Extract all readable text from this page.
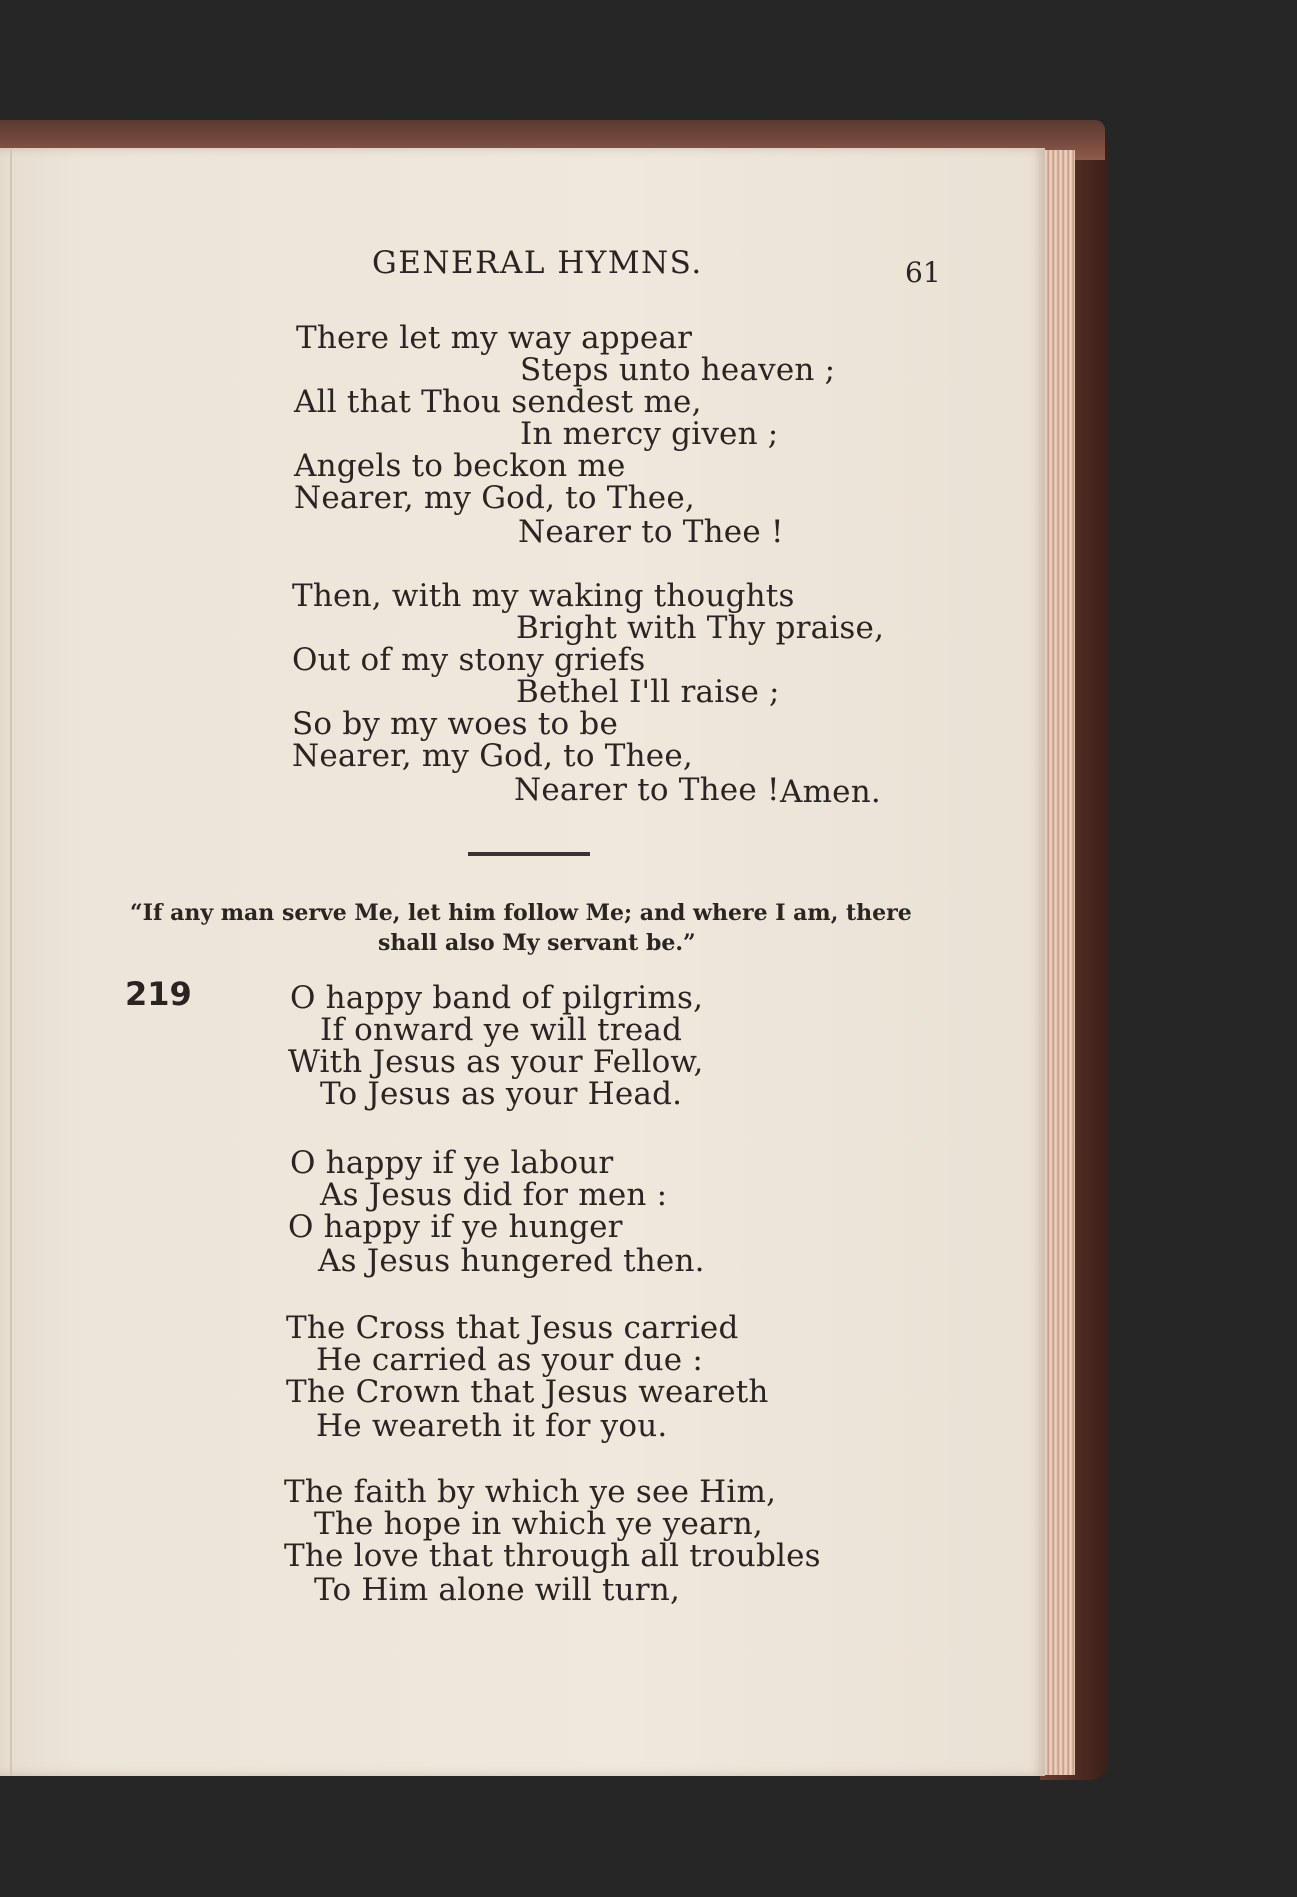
GENERAL HYMNS.	61
There let my way appear
Steps unto heaven ;
All that Thou sendest me,
In mercy given ;
Angels to beckon me
Nearer, my God, to Thee,
Nearer to Thee !
Then, with my waking thoughts
Bright with Thy praise,
Out of my stony griefs
Bethel I'll raise ;
So by my woes to be
Nearer, my God, to Thee,
Nearer to Thee ! Amen.
“If any man serve Me, let him follow Me; and where I am, there
shall also My servant be.”
219	O happy band of pilgrims,
If onward ye will tread
With Jesus as your Fellow,
To Jesus as your Head.
O happy if ye labour
As Jesus did for men :
O happy if ye hunger
As Jesus hungered then.
The Cross that Jesus carried
He carried as your due :
The Crown that Jesus weareth
He weareth it for you.
The faith by which ye see Him,
The hope in which ye yearn,
The love that through all troubles
To Him alone will turn,
